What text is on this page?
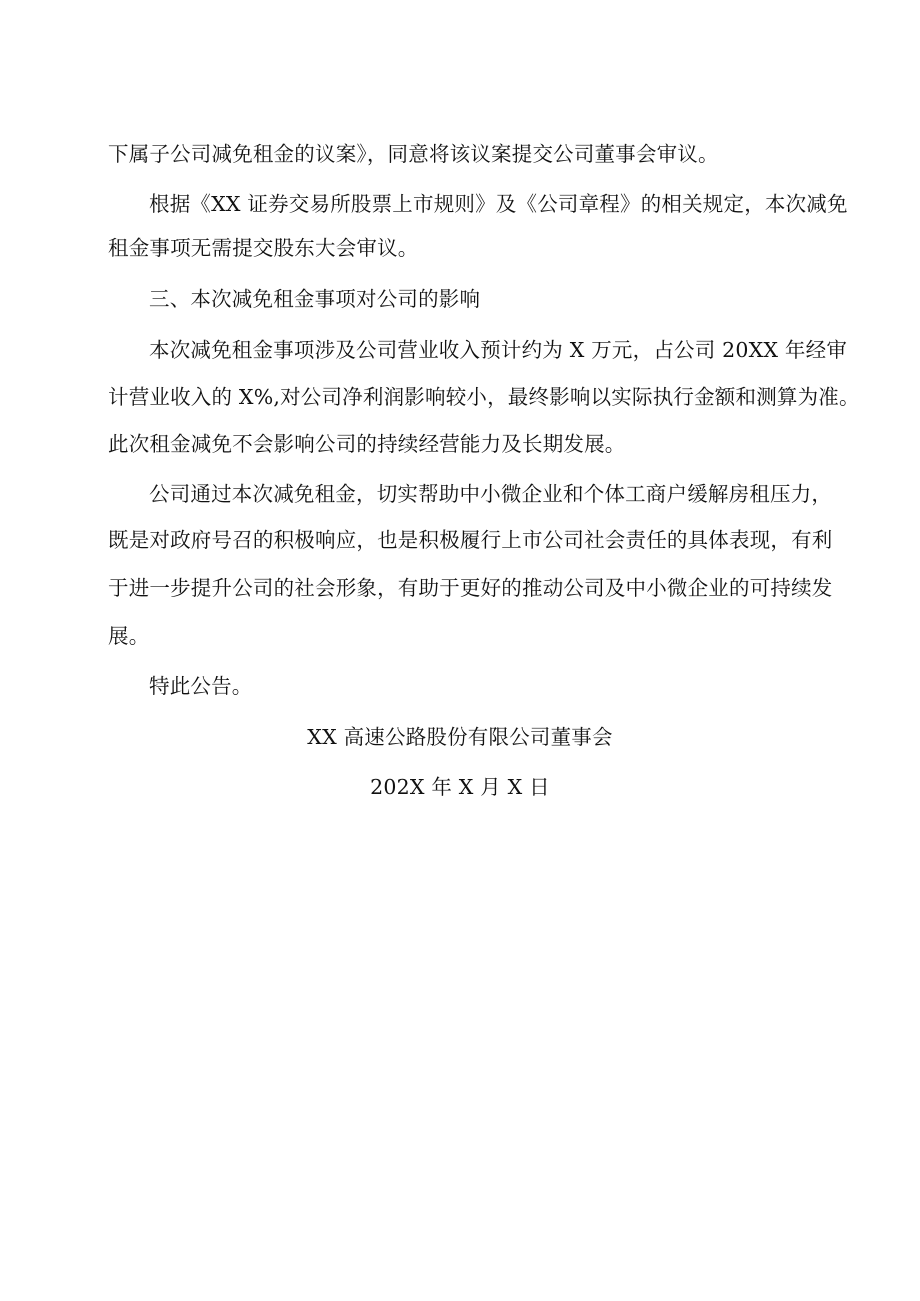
下属子公司减免租金的议案》，同意将该议案提交公司董事会审议。
根据《XX 证券交易所股票上市规则》及《公司章程》的相关规定，本次减免
租金事项无需提交股东大会审议。
三、本次减免租金事项对公司的影响
本次减免租金事项涉及公司营业收入预计约为 X 万元，占公司 20XX 年经审
计营业收入的 X%,对公司净利润影响较小，最终影响以实际执行金额和测算为准。
此次租金减免不会影响公司的持续经营能力及长期发展。
公司通过本次减免租金，切实帮助中小微企业和个体工商户缓解房租压力，
既是对政府号召的积极响应，也是积极履行上市公司社会责任的具体表现，有利
于进一步提升公司的社会形象，有助于更好的推动公司及中小微企业的可持续发
展。
特此公告。
XX 高速公路股份有限公司董事会
202X 年 X 月 X 日
